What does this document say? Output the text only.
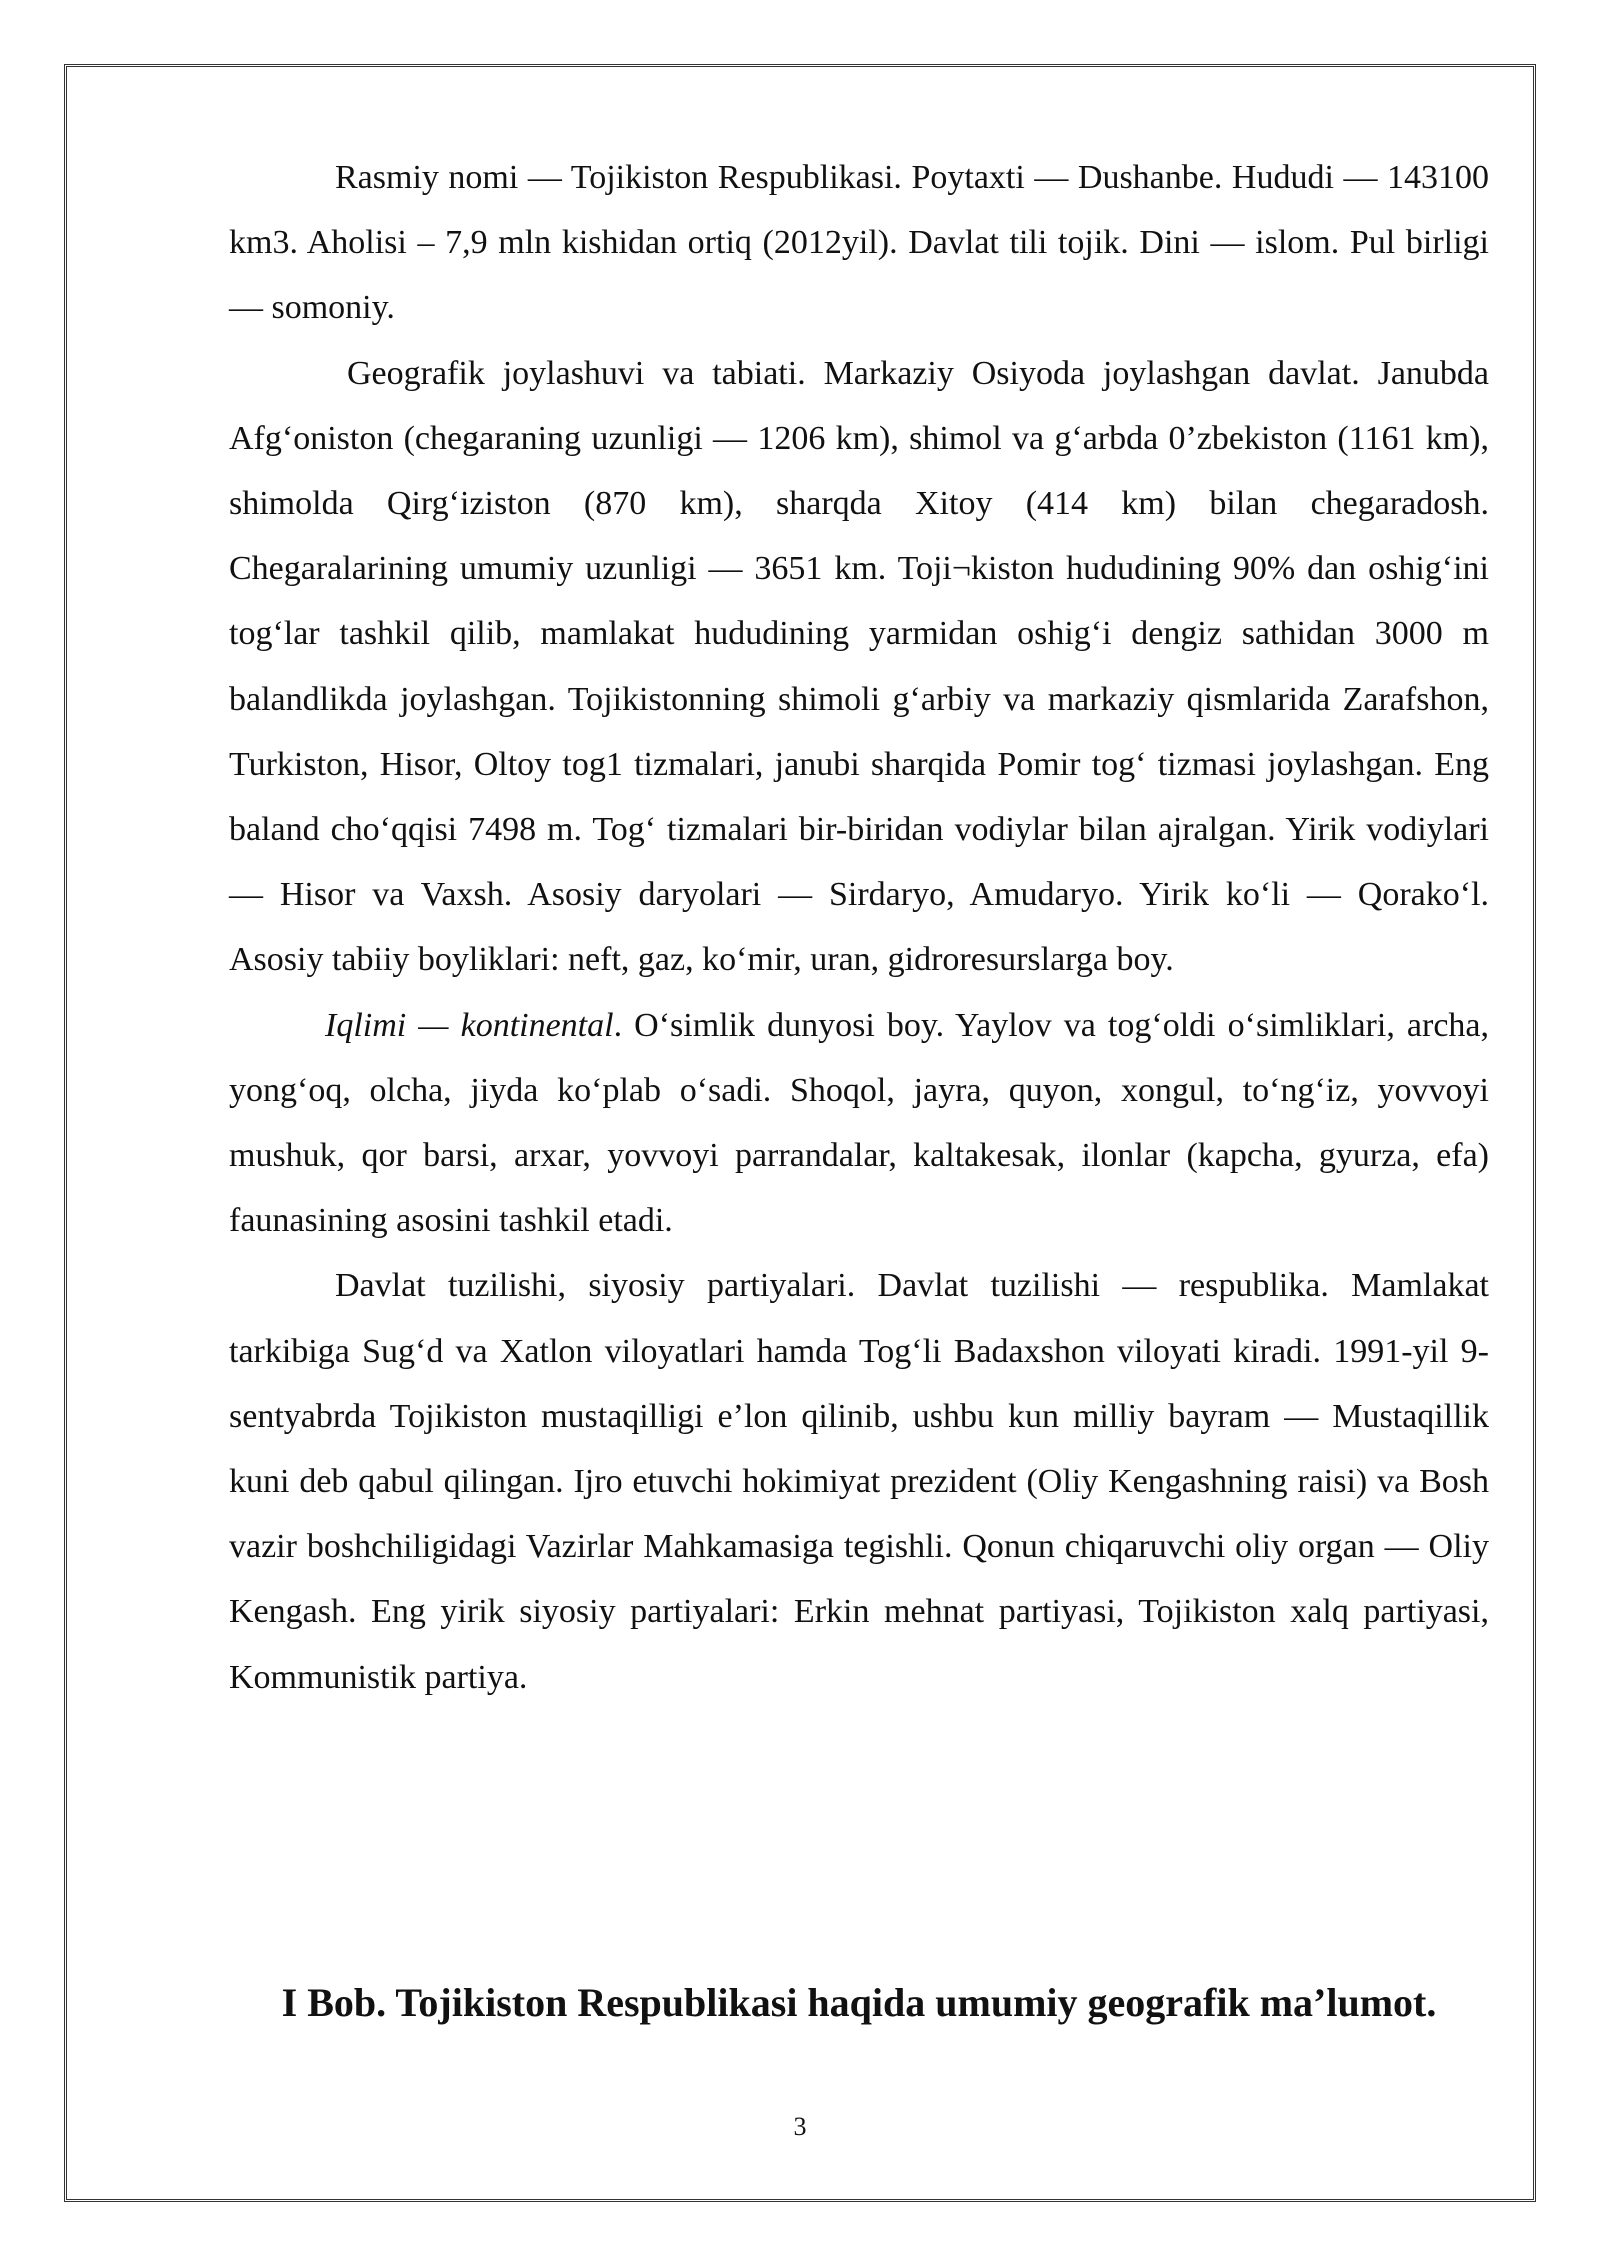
Rasmiy nomi — Tojikiston Respublikasi. Poytaxti — Dushanbe. Hududi — 143100 km3. Aholisi – 7,9 mln kishidan ortiq (2012yil). Davlat tili tojik. Dini — islom. Pul birligi — somoniy.

Geografik joylashuvi va tabiati. Markaziy Osiyoda joylashgan davlat. Janubda Afg‘oniston (chegaraning uzunligi — 1206 km), shimol va g‘arbda 0’zbekiston (1161 km), shimolda Qirg‘iziston (870 km), sharqda Xitoy (414 km) bilan chegaradosh. Chegaralarining umumiy uzunligi — 3651 km. Toji¬kiston hududining 90% dan oshig‘ini tog‘lar tashkil qilib, mamlakat hududining yarmidan oshig‘i dengiz sathidan 3000 m balandlikda joylashgan. Tojikistonning shimoli g‘arbiy va markaziy qismlarida Zarafshon, Turkiston, Hisor, Oltoy tog1 tizmalari, janubi sharqida Pomir tog‘ tizmasi joylashgan. Eng baland cho‘qqisi 7498 m. Tog‘ tizmalari bir-biridan vodiylar bilan ajralgan. Yirik vodiylari — Hisor va Vaxsh. Asosiy daryolari — Sirdaryo, Amudaryo. Yirik ko‘li — Qorako‘l. Asosiy tabiiy boyliklari: neft, gaz, ko‘mir, uran, gidroresurslarga boy.

Iqlimi — kontinental. O‘simlik dunyosi boy. Yaylov va tog‘oldi o‘simliklari, archa, yong‘oq, olcha, jiyda ko‘plab o‘sadi. Shoqol, jayra, quyon, xongul, to‘ng‘iz, yovvoyi mushuk, qor barsi, arxar, yovvoyi parrandalar, kaltakesak, ilonlar (kapcha, gyurza, efa) faunasining asosini tashkil etadi.

Davlat tuzilishi, siyosiy partiyalari. Davlat tuzilishi — respublika. Mamlakat tarkibiga Sug‘d va Xatlon viloyatlari hamda Tog‘li Badaxshon viloyati kiradi. 1991-yil 9-sentyabrda Tojikiston mustaqilligi e’lon qilinib, ushbu kun milliy bayram — Mustaqillik kuni deb qabul qilingan. Ijro etuvchi hokimiyat prezident (Oliy Kengashning raisi) va Bosh vazir boshchiligidagi Vazirlar Mahkamasiga tegishli. Qonun chiqaruvchi oliy organ — Oliy Kengash. Eng yirik siyosiy partiyalari: Erkin mehnat partiyasi, Tojikiston xalq partiyasi, Kommunistik partiya.

I Bob. Tojikiston Respublikasi haqida umumiy geografik ma’lumot.
3
